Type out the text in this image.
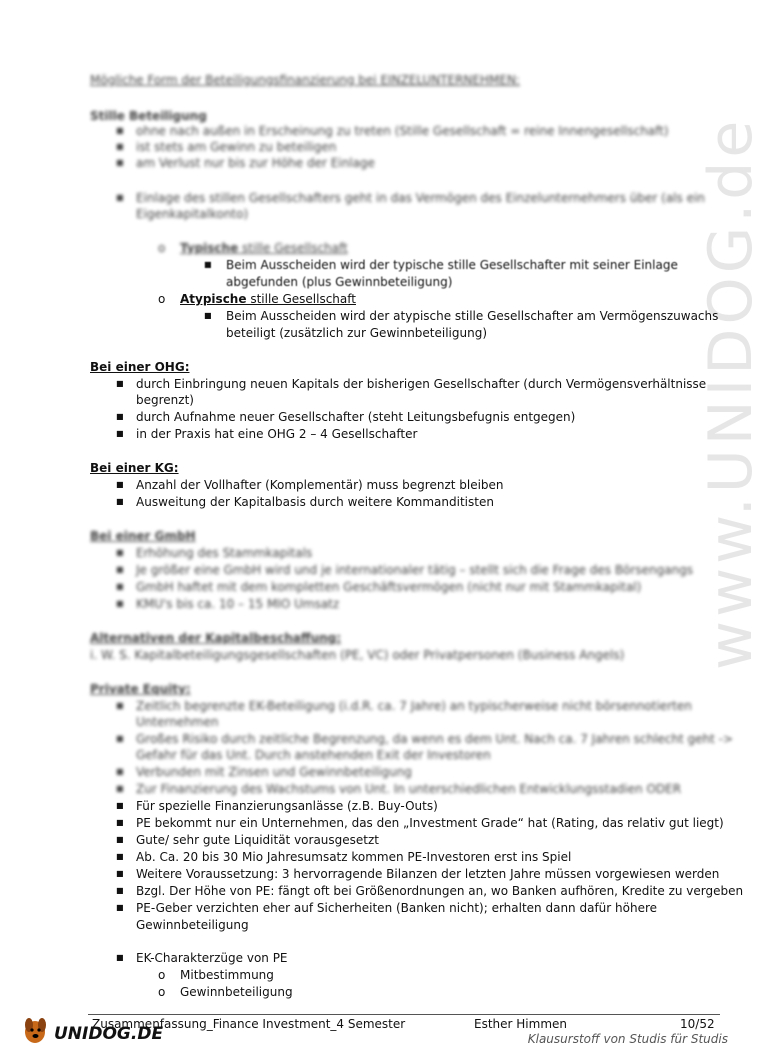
www.UNIDOG.de
Mögliche Form der Beteiligungsfinanzierung bei EINZELUNTERNEHMEN:
Stille Beteiligung
■ ohne nach außen in Erscheinung zu treten (Stille Gesellschaft = reine Innengesellschaft)
■ ist stets am Gewinn zu beteiligen
■ am Verlust nur bis zur Höhe der Einlage
■ Einlage des stillen Gesellschafters geht in das Vermögen des Einzelunternehmers über (als ein
Eigenkapitalkonto)
o Typische stille Gesellschaft
■ Beim Ausscheiden wird der typische stille Gesellschafter mit seiner Einlage
abgefunden (plus Gewinnbeteiligung)
o Atypische stille Gesellschaft
■ Beim Ausscheiden wird der atypische stille Gesellschafter am Vermögenszuwachs
beteiligt (zusätzlich zur Gewinnbeteiligung)
Bei einer OHG:
■ durch Einbringung neuen Kapitals der bisherigen Gesellschafter (durch Vermögensverhältnisse
begrenzt)
■ durch Aufnahme neuer Gesellschafter (steht Leitungsbefugnis entgegen)
■ in der Praxis hat eine OHG 2 – 4 Gesellschafter
Bei einer KG:
■ Anzahl der Vollhafter (Komplementär) muss begrenzt bleiben
■ Ausweitung der Kapitalbasis durch weitere Kommanditisten
Bei einer GmbH
■ Erhöhung des Stammkapitals
■ Je größer eine GmbH wird und je internationaler tätig – stellt sich die Frage des Börsengangs
■ GmbH haftet mit dem kompletten Geschäftsvermögen (nicht nur mit Stammkapital)
■ KMU's bis ca. 10 – 15 MIO Umsatz
Alternativen der Kapitalbeschaffung:
i. W. S. Kapitalbeteiligungsgesellschaften (PE, VC) oder Privatpersonen (Business Angels)
Private Equity:
■ Zeitlich begrenzte EK-Beteiligung (i.d.R. ca. 7 Jahre) an typischerweise nicht börsennotierten
Unternehmen
■ Großes Risiko durch zeitliche Begrenzung, da wenn es dem Unt. Nach ca. 7 Jahren schlecht geht ->
Gefahr für das Unt. Durch anstehenden Exit der Investoren
■ Verbunden mit Zinsen und Gewinnbeteiligung
■ Zur Finanzierung des Wachstums von Unt. In unterschiedlichen Entwicklungsstadien ODER
■ Für spezielle Finanzierungsanlässe (z.B. Buy-Outs)
■ PE bekommt nur ein Unternehmen, das den „Investment Grade“ hat (Rating, das relativ gut liegt)
■ Gute/ sehr gute Liquidität vorausgesetzt
■ Ab. Ca. 20 bis 30 Mio Jahresumsatz kommen PE-Investoren erst ins Spiel
■ Weitere Voraussetzung: 3 hervorragende Bilanzen der letzten Jahre müssen vorgewiesen werden
■ Bzgl. Der Höhe von PE: fängt oft bei Größenordnungen an, wo Banken aufhören, Kredite zu vergeben
■ PE-Geber verzichten eher auf Sicherheiten (Banken nicht); erhalten dann dafür höhere
Gewinnbeteiligung
■ EK-Charakterzüge von PE
o Mitbestimmung
o Gewinnbeteiligung
UNIDOG.DE
Zusammenfassung_Finance Investment_4 Semester	Esther Himmen	10/52
Klausurstoff von Studis für Studis
